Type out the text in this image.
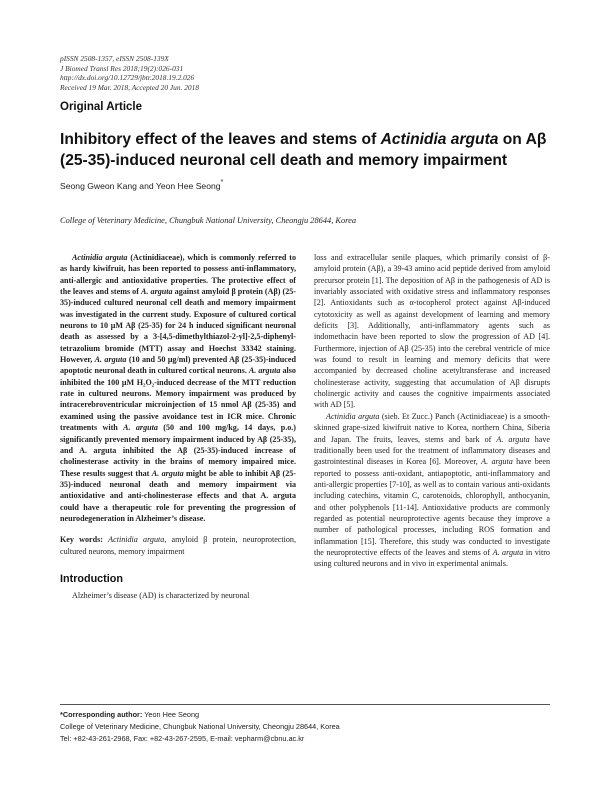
pISSN 2508-1357, eISSN 2508-139X
J Biomed Transl Res 2018;19(2):026-031
http://dx.doi.org/10.12729/jbtr.2018.19.2.026
Received 19 Mar. 2018, Accepted 20 Jun. 2018
Original Article
Inhibitory effect of the leaves and stems of Actinidia arguta on Aβ (25-35)-induced neuronal cell death and memory impairment
Seong Gweon Kang and Yeon Hee Seong*
College of Veterinary Medicine, Chungbuk National University, Cheongju 28644, Korea

Actinidia arguta (Actinidiaceae), which is commonly referred to as hardy kiwifruit, has been reported to possess anti-inflammatory, anti-allergic and antioxidative properties. The protective effect of the leaves and stems of A. arguta against amyloid β protein (Aβ) (25-35)-induced cultured neuronal cell death and memory impairment was investigated in the current study. Exposure of cultured cortical neurons to 10 μM Aβ (25-35) for 24 h induced significant neuronal death as assessed by a 3-[4,5-dimethylthiazol-2-yl]-2,5-diphenyl-tetrazolium bromide (MTT) assay and Hoechst 33342 staining. However, A. arguta (10 and 50 μg/ml) prevented Aβ (25-35)-induced apoptotic neuronal death in cultured cortical neurons. A. arguta also inhibited the 100 μM H₂O₂-induced decrease of the MTT reduction rate in cultured neurons. Memory impairment was produced by intracerebroventricular microinjection of 15 nmol Aβ (25-35) and examined using the passive avoidance test in ICR mice. Chronic treatments with A. arguta (50 and 100 mg/kg, 14 days, p.o.) significantly prevented memory impairment induced by Aβ (25-35), and A. arguta inhibited the Aβ (25-35)-induced increase of cholinesterase activity in the brains of memory impaired mice. These results suggest that A. arguta might be able to inhibit Aβ (25-35)-induced neuronal death and memory impairment via antioxidative and anti-cholinesterase effects and that A. arguta could have a therapeutic role for preventing the progression of neurodegeneration in Alzheimer’s disease.

Key words: Actinidia arguta, amyloid β protein, neuroprotection, cultured neurons, memory impairment

Introduction

Alzheimer’s disease (AD) is characterized by neuronal

loss and extracellular senile plaques, which primarily consist of β-amyloid protein (Aβ), a 39-43 amino acid peptide derived from amyloid precursor protein [1]. The deposition of Aβ in the pathogenesis of AD is invariably associated with oxidative stress and inflammatory responses [2]. Antioxidants such as α-tocopherol protect against Aβ-induced cytotoxicity as well as against development of learning and memory deficits [3]. Additionally, anti-inflammatory agents such as indomethacin have been reported to slow the progression of AD [4]. Furthermore, injection of Aβ (25-35) into the cerebral ventricle of mice was found to result in learning and memory deficits that were accompanied by decreased choline acetyltransferase and increased cholinesterase activity, suggesting that accumulation of Aβ disrupts cholinergic activity and causes the cognitive impairments associated with AD [5].

Actinidia arguta (sieb. Et Zucc.) Panch (Actinidiaceae) is a smooth-skinned grape-sized kiwifruit native to Korea, northern China, Siberia and Japan. The fruits, leaves, stems and bark of A. arguta have traditionally been used for the treatment of inflammatory diseases and gastrointestinal diseases in Korea [6]. Moreover, A. arguta have been reported to possess anti-oxidant, antiapoptotic, anti-inflammatory and anti-allergic properties [7-10], as well as to contain various anti-oxidants including catechins, vitamin C, carotenoids, chlorophyll, anthocyanin, and other polyphenols [11-14]. Antioxidative products are commonly regarded as potential neuroprotective agents because they improve a number of pathological processes, including ROS formation and inflammation [15]. Therefore, this study was conducted to investigate the neuroprotective effects of the leaves and stems of A. arguta in vitro using cultured neurons and in vivo in experimental animals.

*Corresponding author: Yeon Hee Seong
College of Veterinary Medicine, Chungbuk National University, Cheongju 28644, Korea
Tel: +82-43-261-2968, Fax: +82-43-267-2595, E-mail: vepharm@cbnu.ac.kr
